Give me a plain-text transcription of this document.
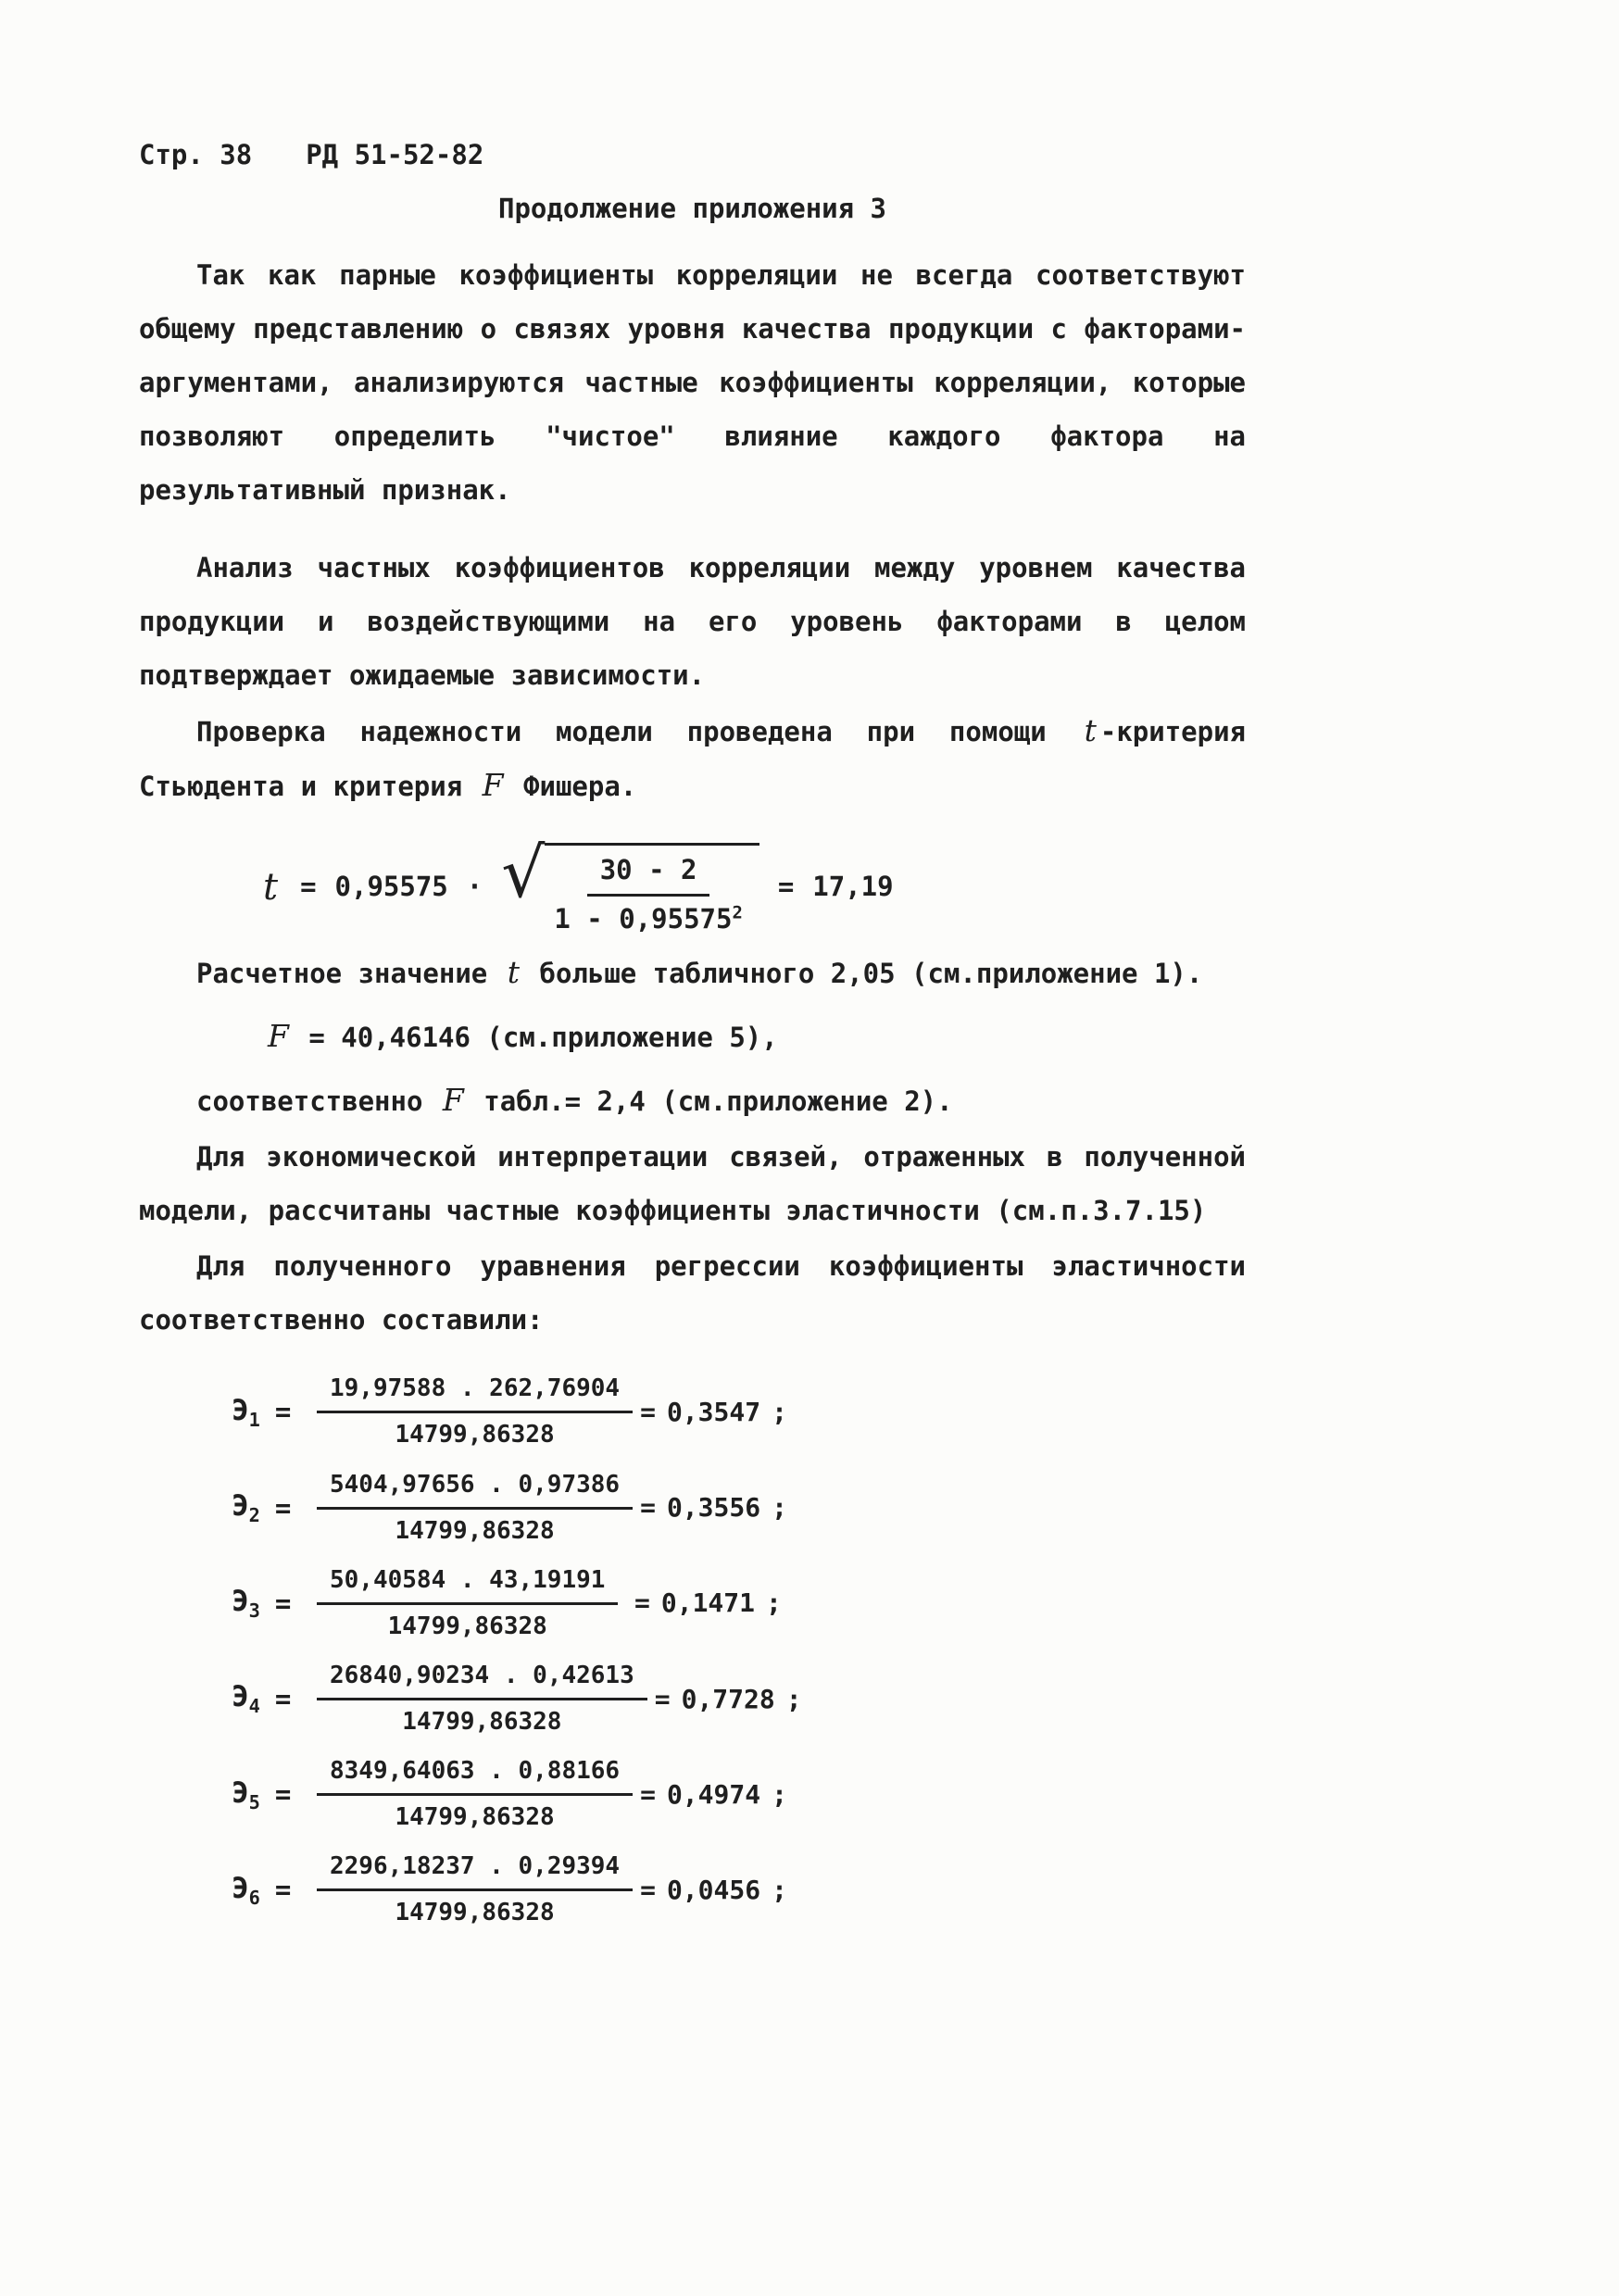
Стр. 38 РД 51-52-82
Продолжение приложения 3

Так как парные коэффициенты корреляции не всегда соответствуют общему представлению о связях уровня качества продукции с факторами-аргументами, анализируются частные коэффициенты корреляции, которые позволяют определить "чистое" влияние каждого фактора на результативный признак.

Анализ частных коэффициентов корреляции между уровнем качества продукции и воздействующими на его уровень факторами в целом подтверждает ожидаемые зависимости.

Проверка надежности модели проведена при помощи t -критерия Стьюдента и критерия F Фишера.

t = 0,95575 · √ $\frac{30 - 2}{1 - 0,95575^2} = 17,19$
Расчетное значение t больше табличного 2,05 (см.приложение 1).
F = 40,46146 (см.приложение 5),
соответственно F табл.= 2,4 (см.приложение 2).

Для экономической интерпретации связей, отраженных в полученной модели, рассчитаны частные коэффициенты эластичности (см.п.3.7.15)

Для полученного уравнения регрессии коэффициенты эластичности соответственно составили:

$Э_1 = \frac{19,97588 . 262,76904}{14799,86328} = 0,3547$ ;
$Э_2 = \frac{5404,97656 . 0,97386}{14799,86328} = 0,3556$ ;
$Э_3 = \frac{50,40584 . 43,19191}{14799,86328} = 0,1471$ ;
$Э_4 = \frac{26840,90234 . 0,42613}{14799,86328} = 0,7728$ ;
$Э_5 = \frac{8349,64063 . 0,88166}{14799,86328} = 0,4974$ ;
$Э_6 = \frac{2296,18237 . 0,29394}{14799,86328} = 0,0456$ ;
